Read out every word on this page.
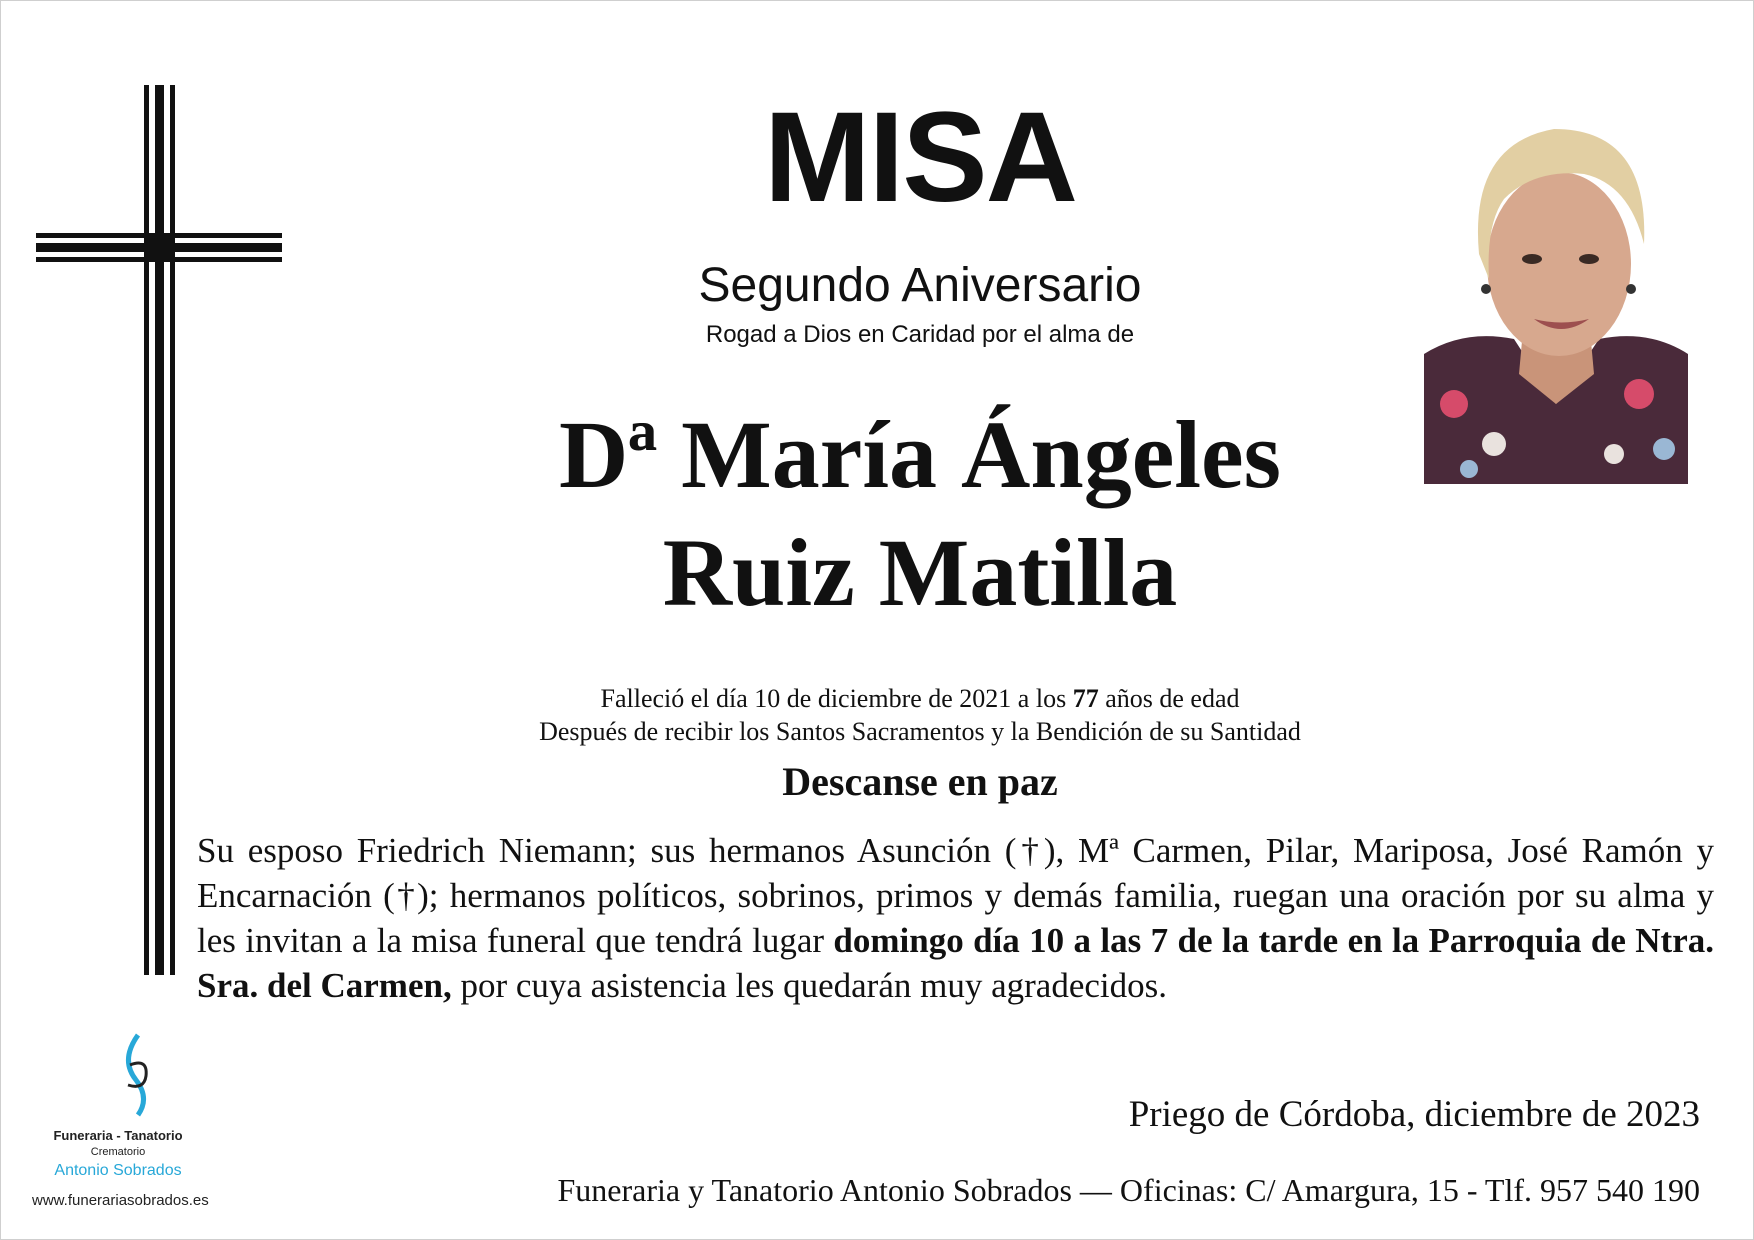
MISA
Segundo Aniversario
Rogad a Dios en Caridad por el alma de
Dª María Ángeles
Ruiz Matilla
Falleció el día 10 de diciembre de 2021 a los 77 años de edad
Después de recibir los Santos Sacramentos y la Bendición de su Santidad
Descanse en paz
Su esposo Friedrich Niemann; sus hermanos Asunción (†), Mª Carmen, Pilar, Mariposa, José Ramón y Encarnación (†); hermanos políticos, sobrinos, primos y demás familia, ruegan una oración por su alma y les invitan a la misa funeral que tendrá lugar domingo día 10 a las 7 de la tarde en la Parroquia de Ntra. Sra. del Carmen, por cuya asistencia les quedarán muy agradecidos.
Priego de Córdoba, diciembre de 2023
Funeraria y Tanatorio Antonio Sobrados — Oficinas: C/ Amargura, 15 - Tlf. 957 540 190
Funeraria - Tanatorio
Crematorio
Antonio Sobrados
www.funerariasobrados.es
